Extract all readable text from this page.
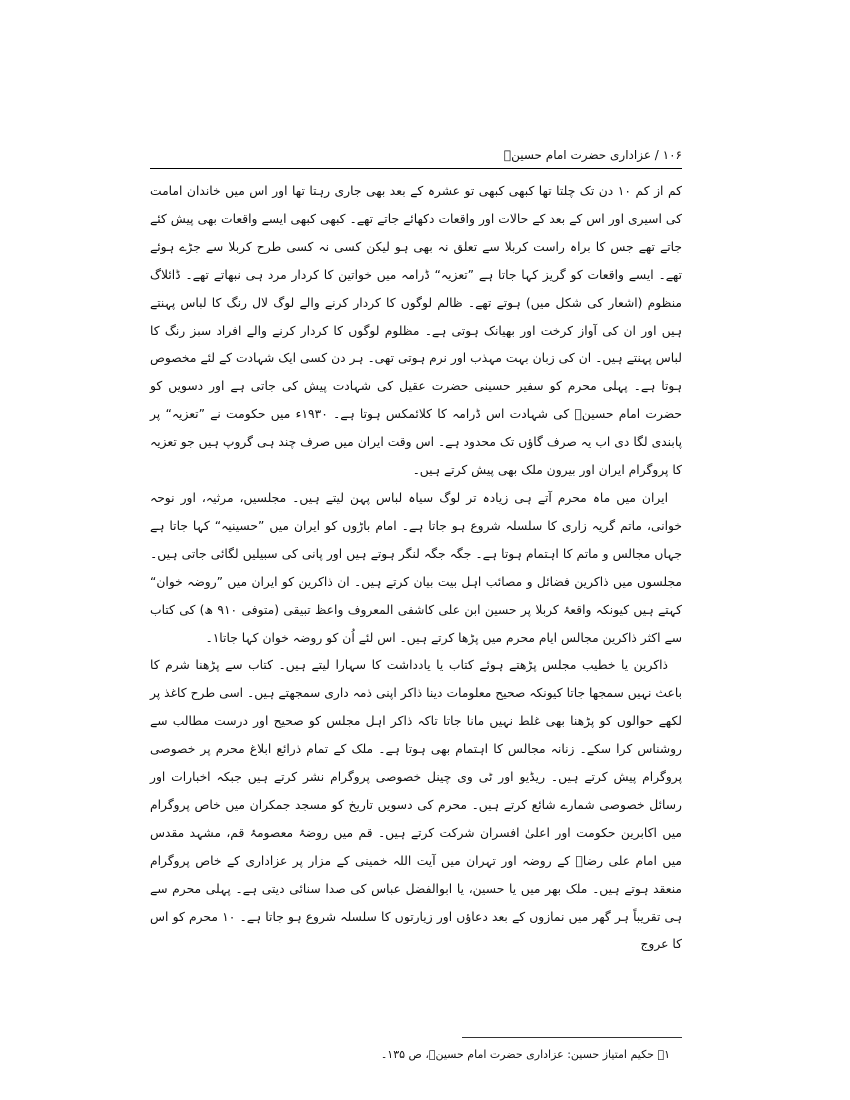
۱۰۶ / عزاداری حضرت امام حسینؑ

کم از کم ۱۰ دن تک چلتا تھا کبھی کبھی تو عشرہ کے بعد بھی جاری رہتا تھا اور اس میں خاندان امامت کی اسیری اور اس کے بعد کے حالات اور واقعات دکھائے جاتے تھے۔ کبھی کبھی ایسے واقعات بھی پیش کئے جاتے تھے جس کا براہ راست کربلا سے تعلق نہ بھی ہو لیکن کسی نہ کسی طرح کربلا سے جڑے ہوئے تھے۔ ایسے واقعات کو گریز کہا جاتا ہے ”تعزیہ“ ڈرامہ میں خواتین کا کردار مرد ہی نبھاتے تھے۔ ڈائلاگ منظوم (اشعار کی شکل میں) ہوتے تھے۔ ظالم لوگوں کا کردار کرنے والے لوگ لال رنگ کا لباس پہنتے ہیں اور ان کی آواز کرخت اور بھیانک ہوتی ہے۔ مظلوم لوگوں کا کردار کرنے والے افراد سبز رنگ کا لباس پہنتے ہیں۔ ان کی زبان بہت مہذب اور نرم ہوتی تھی۔ ہر دن کسی ایک شہادت کے لئے مخصوص ہوتا ہے۔ پہلی محرم کو سفیر حسینی حضرت عقیل کی شہادت پیش کی جاتی ہے اور دسویں کو حضرت امام حسینؑ کی شہادت اس ڈرامہ کا کلائمکس ہوتا ہے۔ ۱۹۳۰ء میں حکومت نے ”تعزیہ“ پر پابندی لگا دی اب یہ صرف گاؤں تک محدود ہے۔ اس وقت ایران میں صرف چند ہی گروپ ہیں جو تعزیہ کا پروگرام ایران اور بیرون ملک بھی پیش کرتے ہیں۔

ایران میں ماہ محرم آتے ہی زیادہ تر لوگ سیاہ لباس پہن لیتے ہیں۔ مجلسیں، مرثیہ، اور نوحہ خوانی، ماتم گریہ زاری کا سلسلہ شروع ہو جاتا ہے۔ امام باڑوں کو ایران میں ”حسینیہ“ کہا جاتا ہے جہاں مجالس و ماتم کا اہتمام ہوتا ہے۔ جگہ جگہ لنگر ہوتے ہیں اور پانی کی سبیلیں لگائی جاتی ہیں۔ مجلسوں میں ذاکرین فضائل و مصائب اہل بیت بیان کرتے ہیں۔ ان ذاکرین کو ایران میں ”روضہ خوان“ کہتے ہیں کیونکہ واقعۂ کربلا پر حسین ابن علی کاشفی المعروف واعظ تبیقی (متوفی ۹۱۰ ھ) کی کتاب سے اکثر ذاکرین مجالس ایام محرم میں پڑھا کرتے ہیں۔ اس لئے اُن کو روضہ خوان کہا جاتا۱۔

ذاکرین یا خطیب مجلس پڑھتے ہوئے کتاب یا یادداشت کا سہارا لیتے ہیں۔ کتاب سے پڑھنا شرم کا باعث نہیں سمجھا جاتا کیونکہ صحیح معلومات دینا ذاکر اپنی ذمہ داری سمجھتے ہیں۔ اسی طرح کاغذ پر لکھے حوالوں کو پڑھنا بھی غلط نہیں مانا جاتا تاکہ ذاکر اہل مجلس کو صحیح اور درست مطالب سے روشناس کرا سکے۔ زنانہ مجالس کا اہتمام بھی ہوتا ہے۔ ملک کے تمام ذرائع ابلاغ محرم پر خصوصی پروگرام پیش کرتے ہیں۔ ریڈیو اور ٹی وی چینل خصوصی پروگرام نشر کرتے ہیں جبکہ اخبارات اور رسائل خصوصی شمارے شائع کرتے ہیں۔ محرم کی دسویں تاریخ کو مسجد جمکران میں خاص پروگرام میں اکابرین حکومت اور اعلیٰ افسران شرکت کرتے ہیں۔ قم میں روضۂ معصومۂ قم، مشہد مقدس میں امام علی رضاؑ کے روضہ اور تہران میں آیت اللہ خمینی کے مزار پر عزاداری کے خاص پروگرام منعقد ہوتے ہیں۔ ملک بھر میں یا حسین، یا ابوالفضل عباس کی صدا سنائی دیتی ہے۔ پہلی محرم سے ہی تقریباً ہر گھر میں نمازوں کے بعد دعاؤں اور زیارتوں کا سلسلہ شروع ہو جاتا ہے۔ ۱۰ محرم کو اس کا عروج

۱۔ حکیم امتیاز حسین: عزاداری حضرت امام حسینؑ، ص ۱۳۵۔
